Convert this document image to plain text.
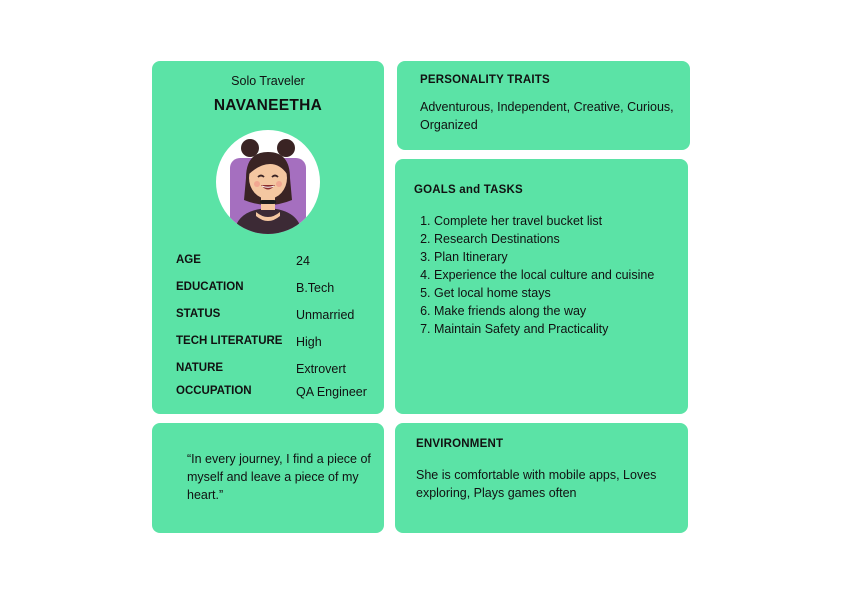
Solo Traveler
NAVANEETHA
AGE	24
EDUCATION	B.Tech
STATUS	Unmarried
TECH LITERATURE High
NATURE	Extrovert
OCCUPATION	QA Engineer
PERSONALITY TRAITS
Adventurous, Independent, Creative, Curious, Organized
GOALS and TASKS
1. Complete her travel bucket list
2. Research Destinations
3. Plan Itinerary
4. Experience the local culture and cuisine
5. Get local home stays
6. Make friends along the way
7. Maintain Safety and Practicality
“In every journey, I find a piece of myself and leave a piece of my heart.”
ENVIRONMENT
She is comfortable with mobile apps, Loves exploring, Plays games often
